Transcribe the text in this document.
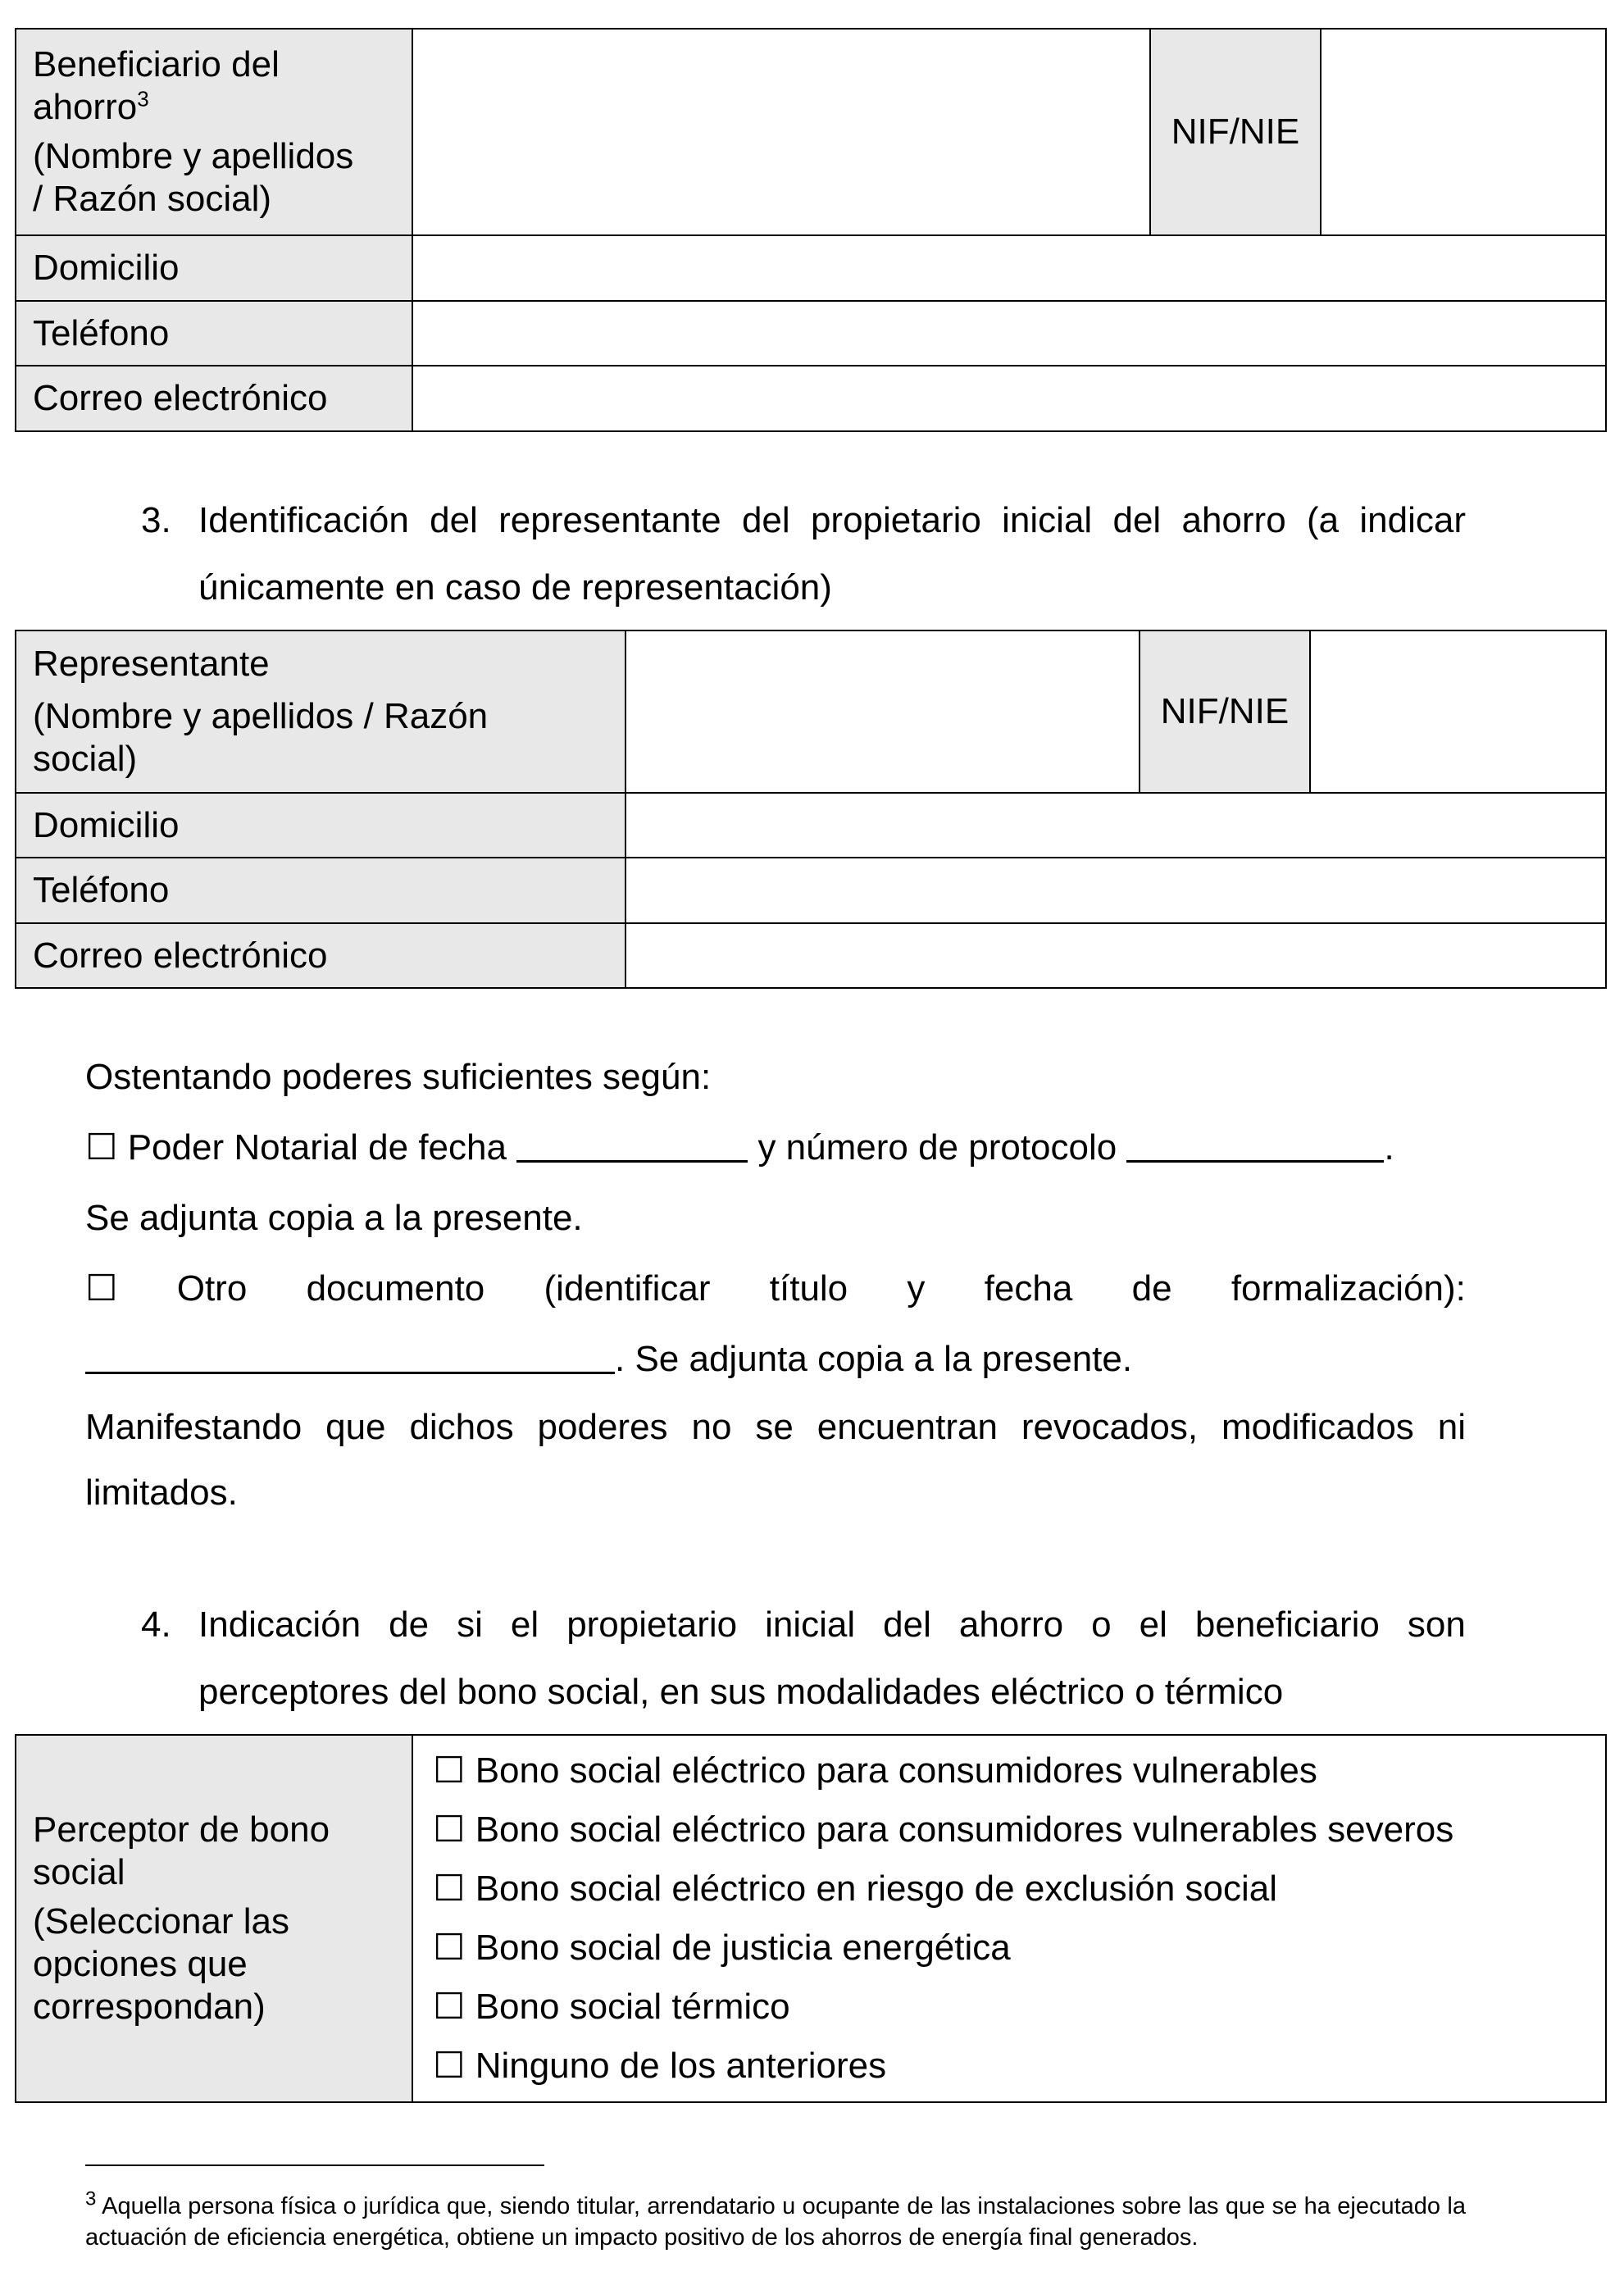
Beneficiario del
ahorro$^3$
(Nombre y apellidos
/ Razón social)		NIF/NIE	
Domicilio			
Teléfono			
Correo electrónico			
3. Identificación del representante del propietario inicial del ahorro (a indicar
únicamente en caso de representación)
Representante
(Nombre y apellidos / Razón
social)		NIF/NIE	
Domicilio			
Teléfono			
Correo electrónico			
Ostentando poderes suficientes según:
☐ Poder Notarial de fecha	y número de protocolo	.
Se adjunta copia a la presente.
☐ Otro documento (identificar título y fecha de formalización):
. Se adjunta copia a la presente.
Manifestando que dichos poderes no se encuentran revocados, modificados ni
limitados.
4. Indicación de si el propietario inicial del ahorro o el beneficiario son
perceptores del bono social, en sus modalidades eléctrico o térmico
Perceptor de bono
social
(Seleccionar las
opciones que
correspondan)

☐ Bono social eléctrico para consumidores vulnerables
☐ Bono social eléctrico para consumidores vulnerables severos
☐ Bono social eléctrico en riesgo de exclusión social
☐ Bono social de justicia energética
☐ Bono social térmico
☐ Ninguno de los anteriores
$^3$ Aquella persona física o jurídica que, siendo titular, arrendatario u ocupante de las instalaciones sobre las que se ha ejecutado la actuación de eficiencia energética, obtiene un impacto positivo de los ahorros de energía final generados.
